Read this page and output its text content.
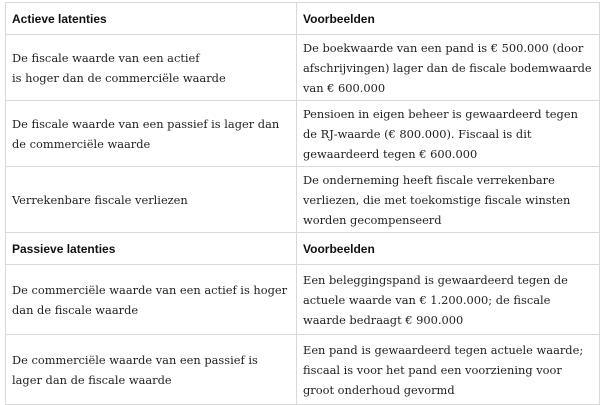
Actieve latenties	Voorbeelden
De fiscale waarde van een actief
is hoger dan de commerciële waarde	De boekwaarde van een pand is € 500.000 (door afschrijvingen) lager dan de fiscale bodemwaarde van € 600.000
De fiscale waarde van een passief is lager dan de commerciële waarde	Pensioen in eigen beheer is gewaardeerd tegen de RJ-waarde (€ 800.000). Fiscaal is dit gewaardeerd tegen € 600.000
Verrekenbare fiscale verliezen	De onderneming heeft fiscale verrekenbare verliezen, die met toekomstige fiscale winsten worden gecompenseerd
Passieve latenties	Voorbeelden
De commerciële waarde van een actief is hoger dan de fiscale waarde	Een beleggingspand is gewaardeerd tegen de actuele waarde van € 1.200.000; de fiscale waarde bedraagt € 900.000
De commerciële waarde van een passief is lager dan de fiscale waarde	Een pand is gewaardeerd tegen actuele waarde; fiscaal is voor het pand een voorziening voor groot onderhoud gevormd
